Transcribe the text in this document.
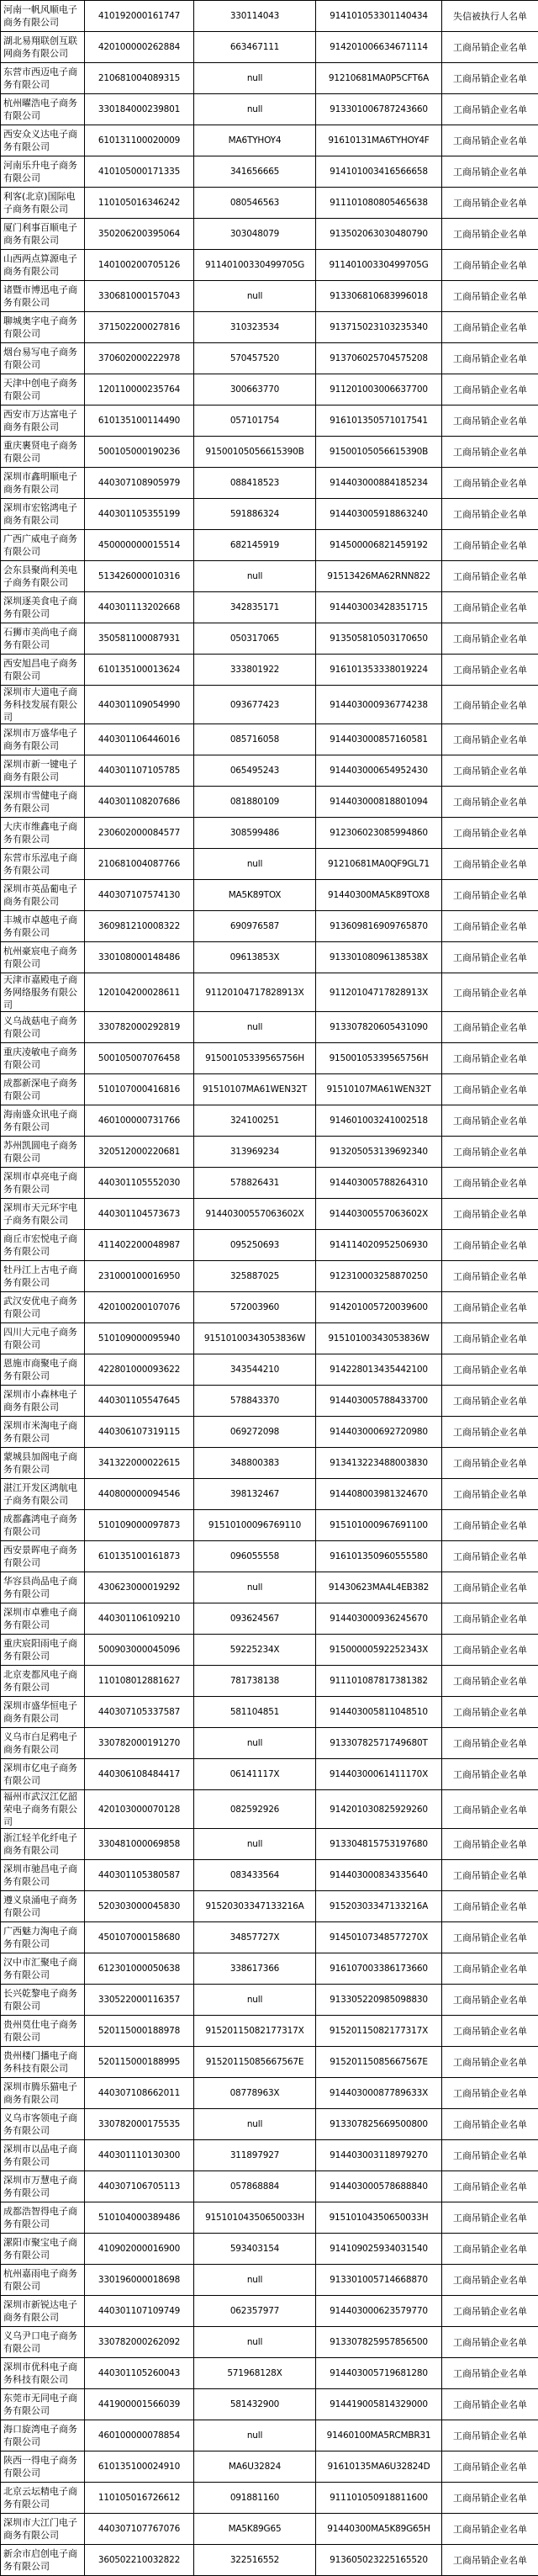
河南一帆风顺电子商务有限公司	410192000161747	330114043	914101053301140434	失信被执行人名单
湖北易翔联创互联网商务有限公司	420100000262884	663467111	914201006634671114	工商吊销企业名单
东营市西迈电子商务有限公司	210681004089315	null	91210681MA0P5CFT6A	工商吊销企业名单
杭州曜浩电子商务有限公司	330184000239801	null	913301006787243660	工商吊销企业名单
西安众义达电子商务有限公司	610131100020009	MA6TYHOY4	91610131MA6TYHOY4F	工商吊销企业名单
河南乐升电子商务有限公司	410105000171335	341656665	914101003416566658	工商吊销企业名单
利客(北京)国际电子商务有限公司	110105016346242	080546563	911101080805465638	工商吊销企业名单
厦门利事百顺电子商务有限公司	350206200395064	303048079	913502063030480790	工商吊销企业名单
山西两点算源电子商务有限公司	140100200705126	91140100330499705G	91140100330499705G	工商吊销企业名单
诸暨市博迅电子商务有限公司	330681000157043	null	913306810683996018	工商吊销企业名单
聊城奥字电子商务有限公司	371502200027816	310323534	913715023103235340	工商吊销企业名单
烟台易写电子商务有限公司	370602000222978	570457520	913706025704575208	工商吊销企业名单
天津中创电子商务有限公司	120110000235764	300663770	911201003006637700	工商吊销企业名单
西安市万达富电子商务有限公司	610135100114490	057101754	916101350571017541	工商吊销企业名单
重庆裹贤电子商务有限公司	500105000190236	91500105056615390B	91500105056615390B	工商吊销企业名单
深圳市鑫明顺电子商务有限公司	440307108905979	088418523	914403000884185234	工商吊销企业名单
深圳市宏铭鸿电子商务有限公司	440301105355199	591886324	914403005918863240	工商吊销企业名单
广西广威电子商务有限公司	450000000015514	682145919	914500006821459192	工商吊销企业名单
会东县聚尚利美电子商务有限公司	513426000010316	null	91513426MA62RNN822	工商吊销企业名单
深圳逐美食电子商务有限公司	440301113202668	342835171	914403003428351715	工商吊销企业名单
石狮市美尚电子商务有限公司	350581100087931	050317065	913505810503170650	工商吊销企业名单
西安旭昌电子商务有限公司	610135100013624	333801922	916101353338019224	工商吊销企业名单
深圳市大道电子商务科技发展有限公司	440301109054990	093677423	914403000936774238	工商吊销企业名单
深圳市万盛华电子商务有限公司	440301106446016	085716058	914403000857160581	工商吊销企业名单
深圳市新一键电子商务有限公司	440301107105785	065495243	914403000654952430	工商吊销企业名单
深圳市雪健电子商务有限公司	440301108207686	081880109	914403000818801094	工商吊销企业名单
大庆市维鑫电子商务有限公司	230602000084577	308599486	912306023085994860	工商吊销企业名单
东营市乐泓电子商务有限公司	210681004087766	null	91210681MA0QF9GL71	工商吊销企业名单
深圳市英品葡电子商务有限公司	440307107574130	MA5K89TOX	91440300MA5K89TOX8	工商吊销企业名单
丰城市卓越电子商务有限公司	360981210008322	690976587	913609816909765870	工商吊销企业名单
杭州豪宸电子商务有限公司	330108000148486	09613853X	91330108096138538X	工商吊销企业名单
天津市嘉殿电子商务网络服务有限公司	120104200028611	91120104717828913X	91120104717828913X	工商吊销企业名单
义乌战菇电子商务有限公司	330782000292819	null	913307820605431090	工商吊销企业名单
重庆凌敏电子商务有限公司	500105007076458	91500105339565756H	91500105339565756H	工商吊销企业名单
成都新深电子商务有限公司	510107000416816	91510107MA61WEN32T	91510107MA61WEN32T	工商吊销企业名单
海南盛众讯电子商务有限公司	460100000731766	324100251	914601003241002518	工商吊销企业名单
苏州凯圆电子商务有限公司	320512000220681	313969234	913205053139692340	工商吊销企业名单
深圳市卓亮电子商务有限公司	440301105552030	578826431	914403005788264310	工商吊销企业名单
深圳市天元环宇电子商务有限公司	440301104573673	91440300557063602X	91440300557063602X	工商吊销企业名单
商丘市宏悦电子商务有限公司	411402200048987	095250693	914114020952506930	工商吊销企业名单
牡丹江上古电子商务有限公司	231000100016950	325887025	912310003258870250	工商吊销企业名单
武汉安优电子商务有限公司	420100200107076	572003960	914201005720039600	工商吊销企业名单
四川大元电子商务有限公司	510109000095940	91510100343053836W	91510100343053836W	工商吊销企业名单
恩施市商聚电子商务有限公司	422801000093622	343544210	914228013435442100	工商吊销企业名单
深圳市小森林电子商务有限公司	440301105547645	578843370	914403005788433700	工商吊销企业名单
深圳市米淘电子商务有限公司	440306107319115	069272098	914403000692720980	工商吊销企业名单
蒙城县加阁电子商务有限公司	341322000022615	348800383	913413223488003830	工商吊销企业名单
湛江开发区鸿航电子商务有限公司	440800000094546	398132467	914408003981324670	工商吊销企业名单
成都鑫鸿电子商务有限公司	510109000097873	91510100096769110	915101000967691100	工商吊销企业名单
西安景晖电子商务有限公司	610135100161873	096055558	916101350960555580	工商吊销企业名单
华容县尚品电子商务有限公司	430623000019292	null	91430623MA4L4EB382	工商吊销企业名单
深圳市卓雅电子商务有限公司	440301106109210	093624567	914403000936245670	工商吊销企业名单
重庆宸阳雨电子商务有限公司	500903000045096	59225234X	91500000592252343X	工商吊销企业名单
北京麦都风电子商务有限公司	110108012881627	781738138	911101087817381382	工商吊销企业名单
深圳市盛华恒电子商务有限公司	440307105337587	581104851	914403005811048510	工商吊销企业名单
义乌市白足鸦电子商务有限公司	330782000191270	null	91330782571749680T	工商吊销企业名单
深圳市亿电子商务有限公司	440306108484417	06141117X	91440300061411170X	工商吊销企业名单
福州市武汉江亿韶荣电子商务有限公司	420103000070128	082592926	914201030825929260	工商吊销企业名单
浙江轻羊化纤电子商务有限公司	330481000069858	null	913304815753197680	工商吊销企业名单
深圳市驰昌电子商务有限公司	440301105380587	083433564	914403000834335640	工商吊销企业名单
遵义泉涌电子商务有限公司	520303000045830	91520303347133216A	91520303347133216A	工商吊销企业名单
广西魅力淘电子商务有限公司	450107000158680	34857727X	91450107348577270X	工商吊销企业名单
汉中市汇聚电子商务有限公司	612301000050638	338617366	916107003386173660	工商吊销企业名单
长兴乾黎电子商务有限公司	330522000116357	null	913305220985098830	工商吊销企业名单
贵州莫仕电子商务有限公司	520115000188978	91520115082177317X	91520115082177317X	工商吊销企业名单
贵州楼门播电子商务科技有限公司	520115000188995	91520115085667567E	91520115085667567E	工商吊销企业名单
深圳市腾乐猫电子商务有限公司	440307108662011	08778963X	91440300087789633X	工商吊销企业名单
义乌市客领电子商务有限公司	330782000175535	null	913307825669500800	工商吊销企业名单
深圳市以品电子商务有限公司	440301110130300	311897927	914403003118979270	工商吊销企业名单
深圳市万慧电子商务有限公司	440307106705113	057868884	914403000578688840	工商吊销企业名单
成都浩智得电子商务有限公司	510104000389486	91510104350650033H	91510104350650033H	工商吊销企业名单
漯阳市聚宝电子商务有限公司	410902000016900	593403154	914109025934031540	工商吊销企业名单
杭州嘉雨电子商务有限公司	330196000018698	null	913301005714668870	工商吊销企业名单
深圳市新锐达电子商务有限公司	440301107109749	062357977	914403000623579770	工商吊销企业名单
义乌尹口电子商务有限公司	330782000262092	null	913307825957856500	工商吊销企业名单
深圳市优科电子商务科技有限公司	440301105260043	571968128X	914403005719681280	工商吊销企业名单
东莞市无同电子商务有限公司	441900001566039	581432900	914419005814329000	工商吊销企业名单
海口旋湾电子商务有限公司	460100000078854	null	91460100MA5RCMBR31	工商吊销企业名单
陕西一得电子商务有限公司	610135100024910	MA6U32824	91610135MA6U32824D	工商吊销企业名单
北京云坛精电子商务有限公司	110105016726612	091881160	911101050918811600	工商吊销企业名单
深圳市大江门电子商务有限公司	440307107767076	MA5K89G65	91440300MA5K89G65H	工商吊销企业名单
新余市启创电子商务有限公司	360502210032822	322516552	913605023225165520	工商吊销企业名单
